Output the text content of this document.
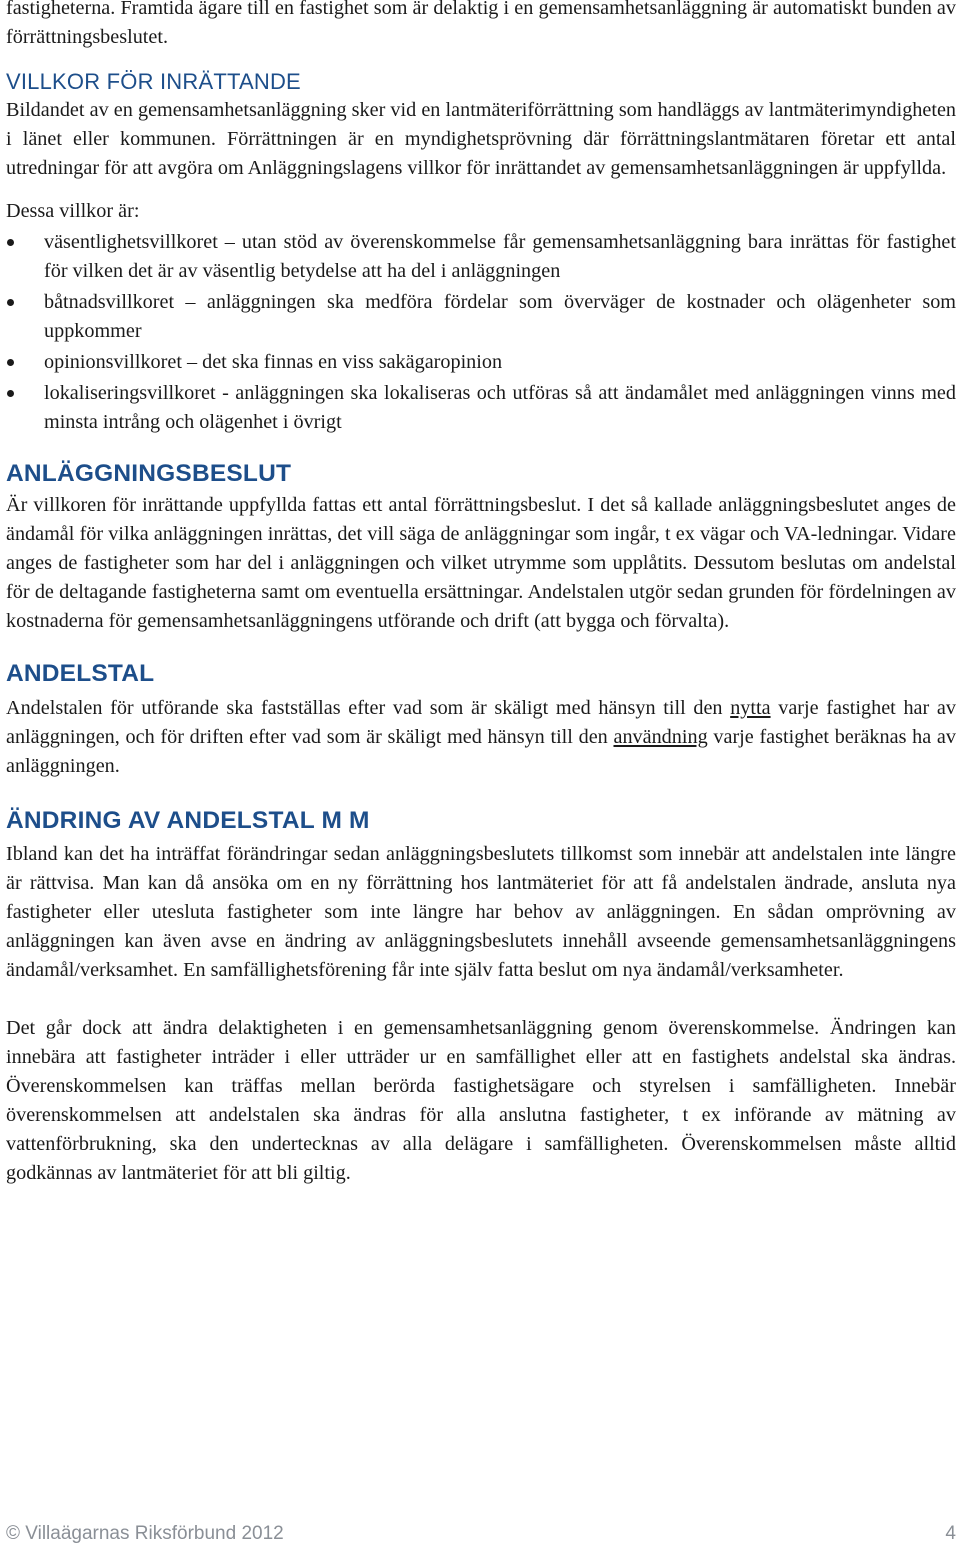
fastigheterna. Framtida ägare till en fastighet som är delaktig i en gemensamhetsanläggning är automatiskt bunden av förrättningsbeslutet.

VILLKOR FÖR INRÄTTANDE

Bildandet av en gemensamhetsanläggning sker vid en lantmäteriförrättning som handläggs av lantmäterimyndigheten i länet eller kommunen. Förrättningen är en myndighetsprövning där förrättningslantmätaren företar ett antal utredningar för att avgöra om Anläggningslagens villkor för inrättandet av gemensamhetsanläggningen är uppfyllda.

Dessa villkor är:

väsentlighetsvillkoret – utan stöd av överenskommelse får gemensamhetsanläggning bara inrättas för fastighet för vilken det är av väsentlig betydelse att ha del i anläggningen
båtnadsvillkoret – anläggningen ska medföra fördelar som överväger de kostnader och olägenheter som uppkommer
opinionsvillkoret – det ska finnas en viss sakägaropinion
lokaliseringsvillkoret - anläggningen ska lokaliseras och utföras så att ändamålet med anläggningen vinns med minsta intrång och olägenhet i övrigt
ANLÄGGNINGSBESLUT

Är villkoren för inrättande uppfyllda fattas ett antal förrättningsbeslut. I det så kallade anläggningsbeslutet anges de ändamål för vilka anläggningen inrättas, det vill säga de anläggningar som ingår, t ex vägar och VA-ledningar. Vidare anges de fastigheter som har del i anläggningen och vilket utrymme som upplåtits. Dessutom beslutas om andelstal för de deltagande fastigheterna samt om eventuella ersättningar. Andelstalen utgör sedan grunden för fördelningen av kostnaderna för gemensamhetsanläggningens utförande och drift (att bygga och förvalta).

ANDELSTAL

Andelstalen för utförande ska fastställas efter vad som är skäligt med hänsyn till den nytta varje fastighet har av anläggningen, och för driften efter vad som är skäligt med hänsyn till den användning varje fastighet beräknas ha av anläggningen.

ÄNDRING AV ANDELSTAL M M

Ibland kan det ha inträffat förändringar sedan anläggningsbeslutets tillkomst som innebär att andelstalen inte längre är rättvisa. Man kan då ansöka om en ny förrättning hos lantmäteriet för att få andelstalen ändrade, ansluta nya fastigheter eller utesluta fastigheter som inte längre har behov av anläggningen. En sådan omprövning av anläggningen kan även avse en ändring av anläggningsbeslutets innehåll avseende gemensamhetsanläggningens ändamål/verksamhet. En samfällighetsförening får inte själv fatta beslut om nya ändamål/verksamheter.

Det går dock att ändra delaktigheten i en gemensamhetsanläggning genom överenskommelse. Ändringen kan innebära att fastigheter inträder i eller utträder ur en samfällighet eller att en fastighets andelstal ska ändras. Överenskommelsen kan träffas mellan berörda fastighetsägare och styrelsen i samfälligheten. Innebär överenskommelsen att andelstalen ska ändras för alla anslutna fastigheter, t ex införande av mätning av vattenförbrukning, ska den undertecknas av alla delägare i samfälligheten. Överenskommelsen måste alltid godkännas av lantmäteriet för att bli giltig.

© Villaägarnas Riksförbund 2012	4
